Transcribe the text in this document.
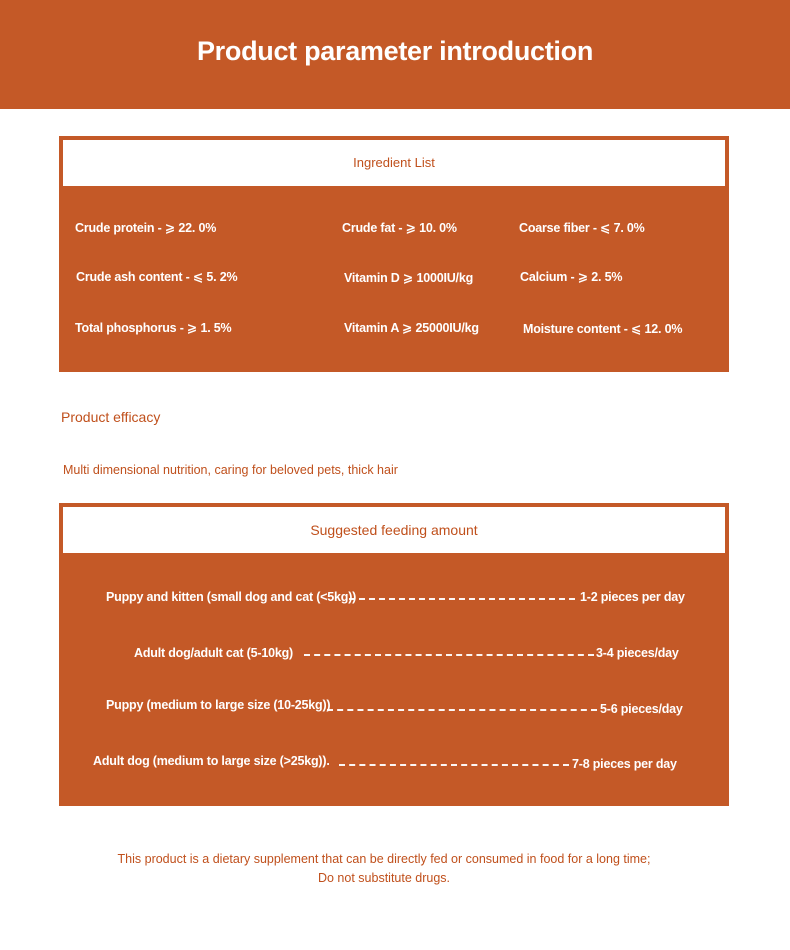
Product parameter introduction
Ingredient List
Crude protein - ⩾ 22. 0%	Crude fat - ⩾ 10. 0%	Coarse fiber - ⩽ 7. 0%
Crude ash content - ⩽ 5. 2%	Vitamin D ⩾ 1000IU/kg	Calcium - ⩾ 2. 5%
Total phosphorus - ⩾ 1. 5%	Vitamin A ⩾ 25000IU/kg	Moisture content - ⩽ 12. 0%
Product efficacy
Multi dimensional nutrition, caring for beloved pets, thick hair
Suggested feeding amount
Puppy and kitten (small dog and cat (<5kg))	1-2 pieces per day
Adult dog/adult cat (5-10kg)	3-4 pieces/day
Puppy (medium to large size (10-25kg))	5-6 pieces/day
Adult dog (medium to large size (>25kg)).	7-8 pieces per day
This product is a dietary supplement that can be directly fed or consumed in food for a long time;
Do not substitute drugs.
